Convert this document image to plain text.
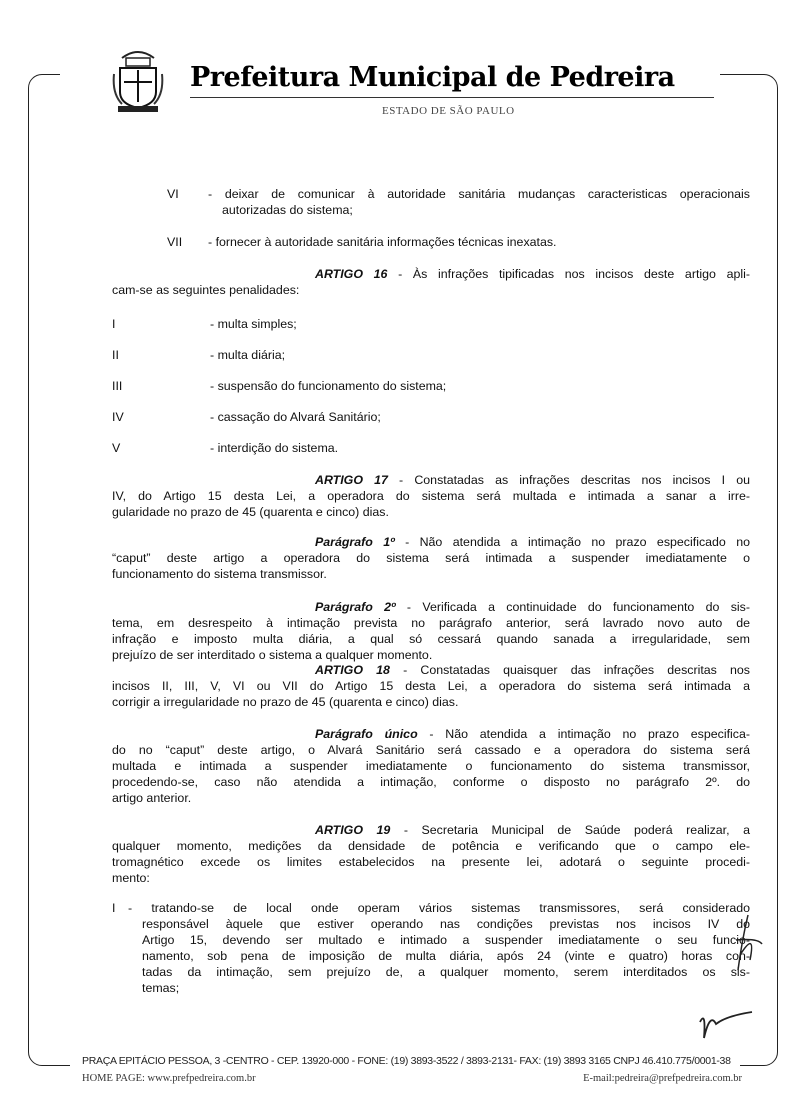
Prefeitura Municipal de Pedreira
ESTADO DE SÃO PAULO
VI - deixar de comunicar à autoridade sanitária mudanças caracteristicas operacionais
autorizadas do sistema;
VII - fornecer à autoridade sanitária informações técnicas inexatas.
ARTIGO 16 - Às infrações tipificadas nos incisos deste artigo apli-
cam-se as seguintes penalidades:
I	- multa simples;
II	- multa diária;
III	- suspensão do funcionamento do sistema;
IV	- cassação do Alvará Sanitário;
V	- interdição do sistema.
ARTIGO 17 - Constatadas as infrações descritas nos incisos I ou
IV, do Artigo 15 desta Lei, a operadora do sistema será multada e intimada a sanar a irre-
gularidade no prazo de 45 (quarenta e cinco) dias.
Parágrafo 1º - Não atendida a intimação no prazo especificado no
“caput” deste artigo a operadora do sistema será intimada a suspender imediatamente o
funcionamento do sistema transmissor.
Parágrafo 2º - Verificada a continuidade do funcionamento do sis-
tema, em desrespeito à intimação prevista no parágrafo anterior, será lavrado novo auto de
infração e imposto multa diária, a qual só cessará quando sanada a irregularidade, sem
prejuízo de ser interditado o sistema a qualquer momento.
ARTIGO 18 - Constatadas quaisquer das infrações descritas nos
incisos II, III, V, VI ou VII do Artigo 15 desta Lei, a operadora do sistema será intimada a
corrigir a irregularidade no prazo de 45 (quarenta e cinco) dias.
Parágrafo único - Não atendida a intimação no prazo especifica-
do no “caput” deste artigo, o Alvará Sanitário será cassado e a operadora do sistema será
multada e intimada a suspender imediatamente o funcionamento do sistema transmissor,
procedendo-se, caso não atendida a intimação, conforme o disposto no parágrafo 2º. do
artigo anterior.
ARTIGO 19 - Secretaria Municipal de Saúde poderá realizar, a
qualquer momento, medições da densidade de potência e verificando que o campo ele-
tromagnético excede os limites estabelecidos na presente lei, adotará o seguinte procedi-
mento:
I - tratando-se de local onde operam vários sistemas transmissores, será considerado
responsável àquele que estiver operando nas condições previstas nos incisos IV do
Artigo 15, devendo ser multado e intimado a suspender imediatamente o seu funcio-
namento, sob pena de imposição de multa diária, após 24 (vinte e quatro) horas con-
tadas da intimação, sem prejuízo de, a qualquer momento, serem interditados os sis-
temas;
PRAÇA EPITÁCIO PESSOA, 3 -CENTRO - CEP. 13920-000 - FONE: (19) 3893-3522 / 3893-2131- FAX: (19) 3893 3165 CNPJ 46.410.775/0001-38
HOME PAGE: www.prefpedreira.com.br	E-mail:pedreira@prefpedreira.com.br
